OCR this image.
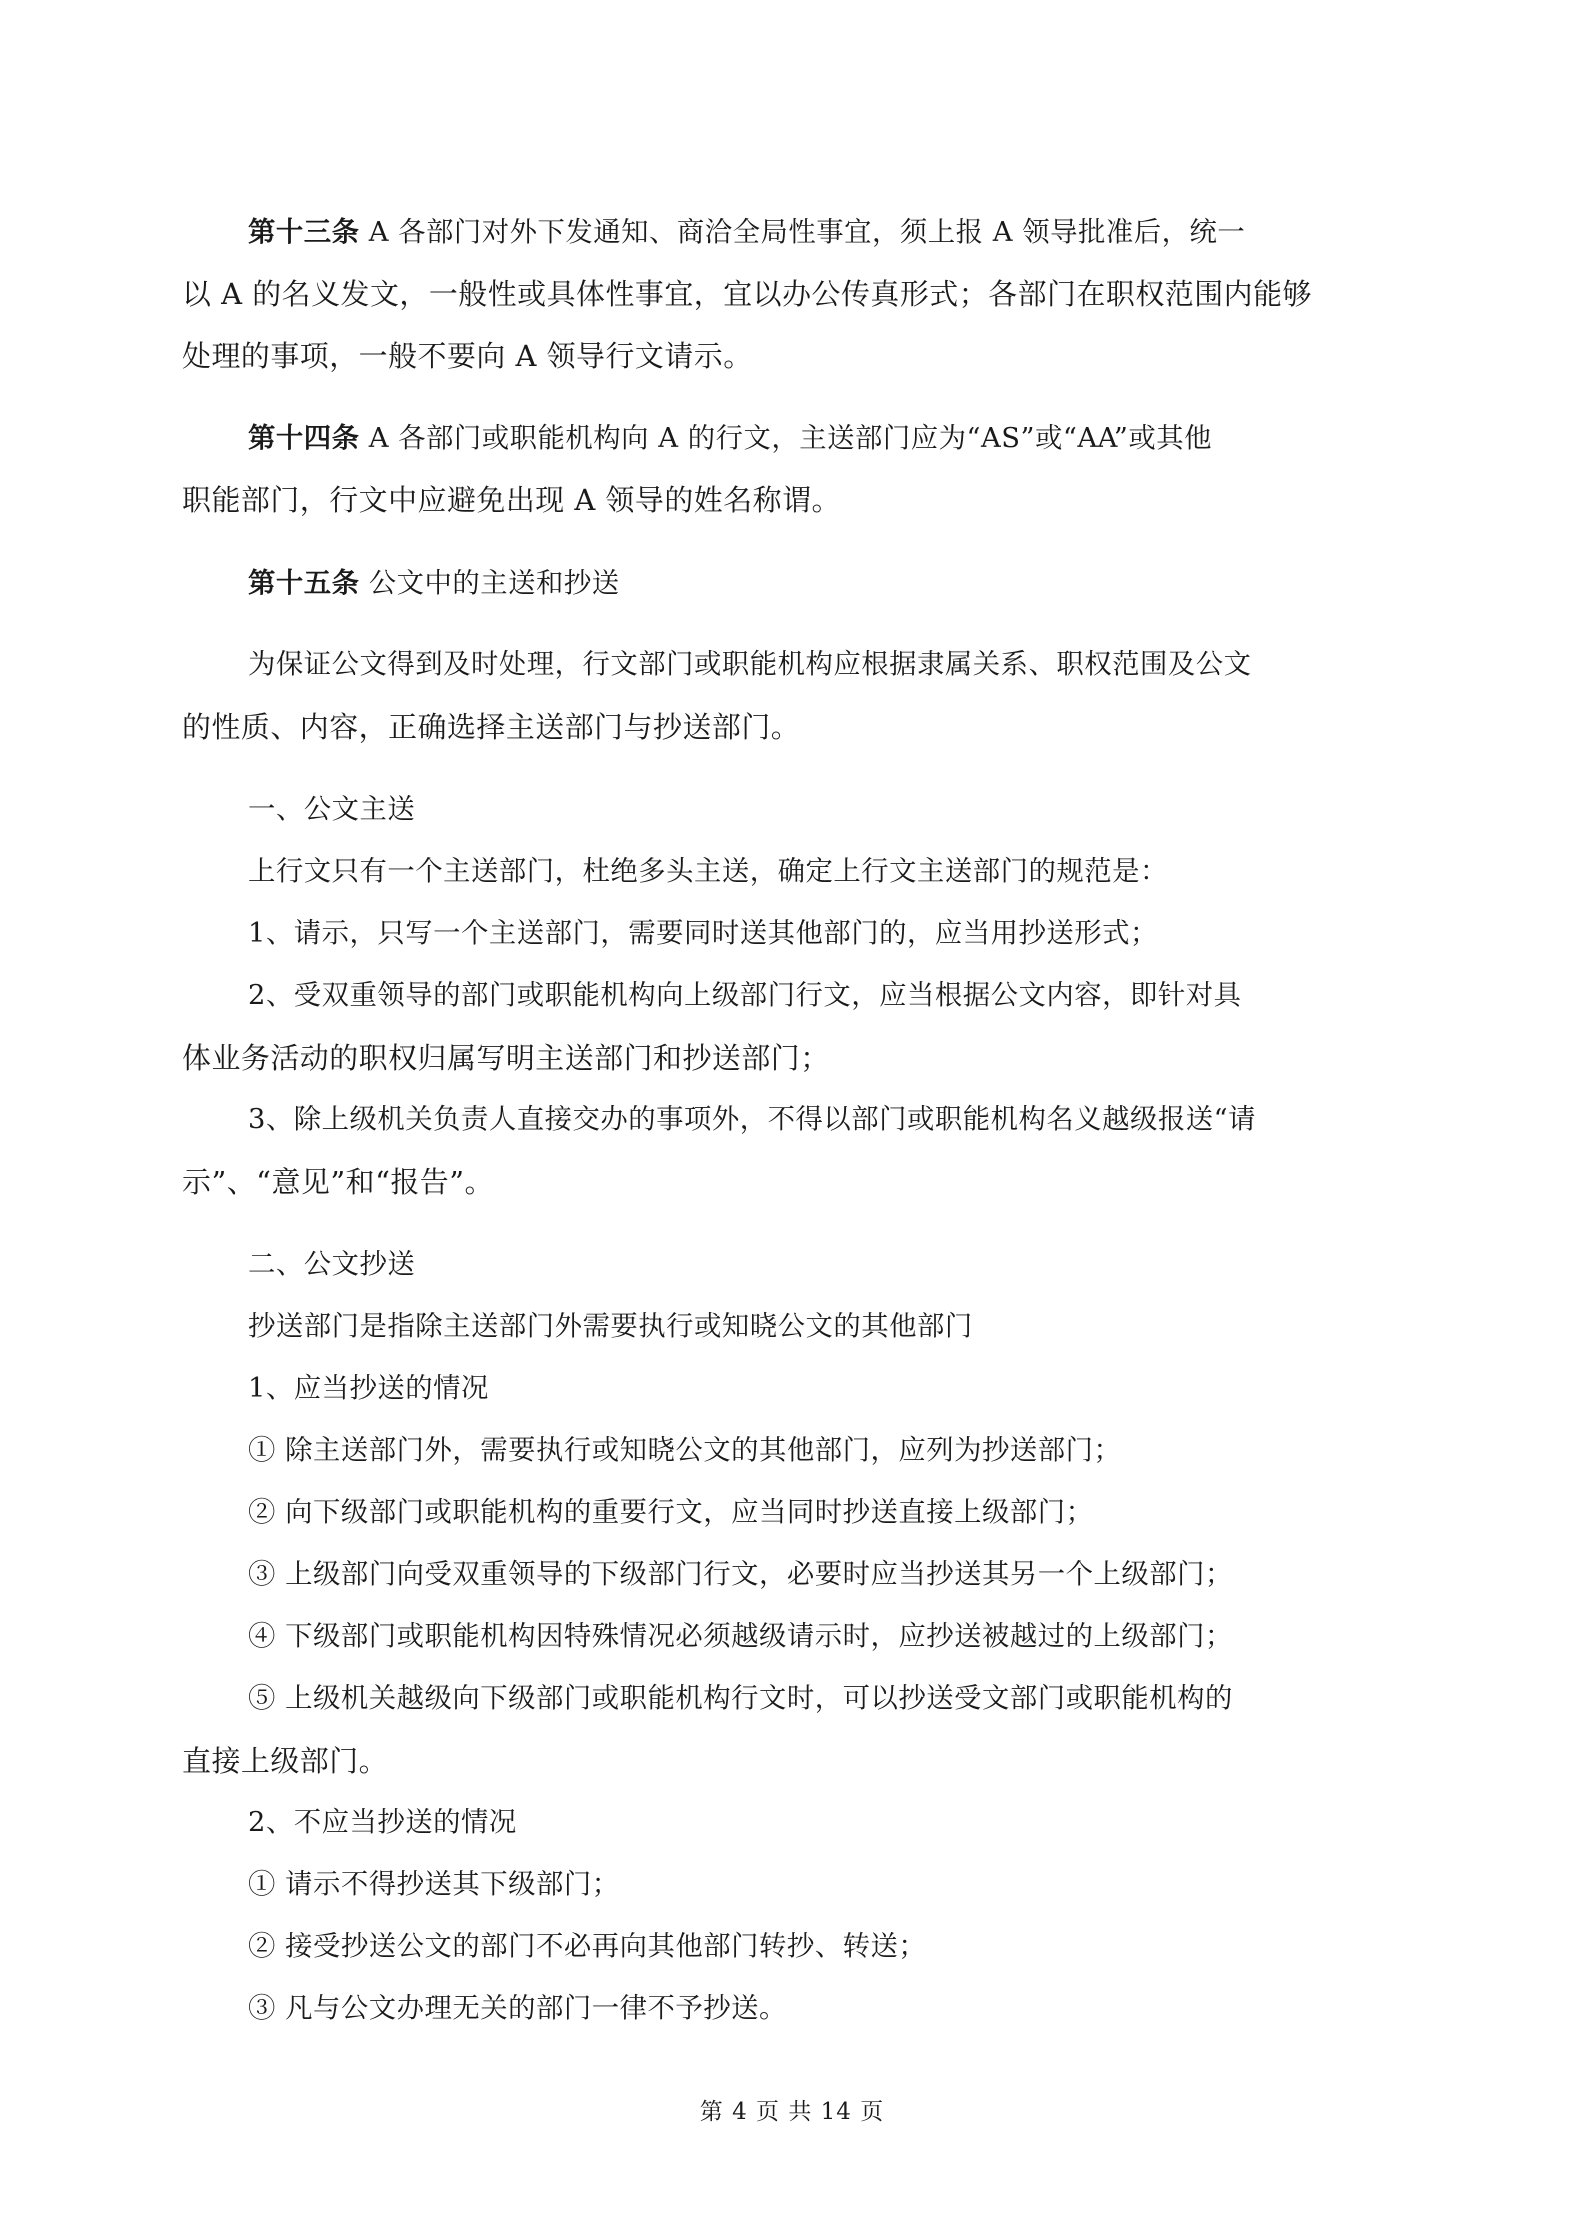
第十三条 A 各部门对外下发通知、商洽全局性事宜，须上报 A 领导批准后，统一
以 A 的名义发文，一般性或具体性事宜，宜以办公传真形式；各部门在职权范围内能够
处理的事项，一般不要向 A 领导行文请示。
第十四条 A 各部门或职能机构向 A 的行文，主送部门应为“AS”或“AA”或其他
职能部门，行文中应避免出现 A 领导的姓名称谓。
第十五条 公文中的主送和抄送
为保证公文得到及时处理，行文部门或职能机构应根据隶属关系、职权范围及公文
的性质、内容，正确选择主送部门与抄送部门。
一、公文主送
上行文只有一个主送部门，杜绝多头主送，确定上行文主送部门的规范是：
1、请示，只写一个主送部门，需要同时送其他部门的，应当用抄送形式；
2、受双重领导的部门或职能机构向上级部门行文，应当根据公文内容，即针对具
体业务活动的职权归属写明主送部门和抄送部门；
3、除上级机关负责人直接交办的事项外，不得以部门或职能机构名义越级报送“请
示”、“意见”和“报告”。
二、公文抄送
抄送部门是指除主送部门外需要执行或知晓公文的其他部门
1、应当抄送的情况
① 除主送部门外，需要执行或知晓公文的其他部门，应列为抄送部门；
② 向下级部门或职能机构的重要行文，应当同时抄送直接上级部门；
③ 上级部门向受双重领导的下级部门行文，必要时应当抄送其另一个上级部门；
④ 下级部门或职能机构因特殊情况必须越级请示时，应抄送被越过的上级部门；
⑤ 上级机关越级向下级部门或职能机构行文时，可以抄送受文部门或职能机构的
直接上级部门。
2、不应当抄送的情况
① 请示不得抄送其下级部门；
② 接受抄送公文的部门不必再向其他部门转抄、转送；
③ 凡与公文办理无关的部门一律不予抄送。
第 4 页 共 14 页
